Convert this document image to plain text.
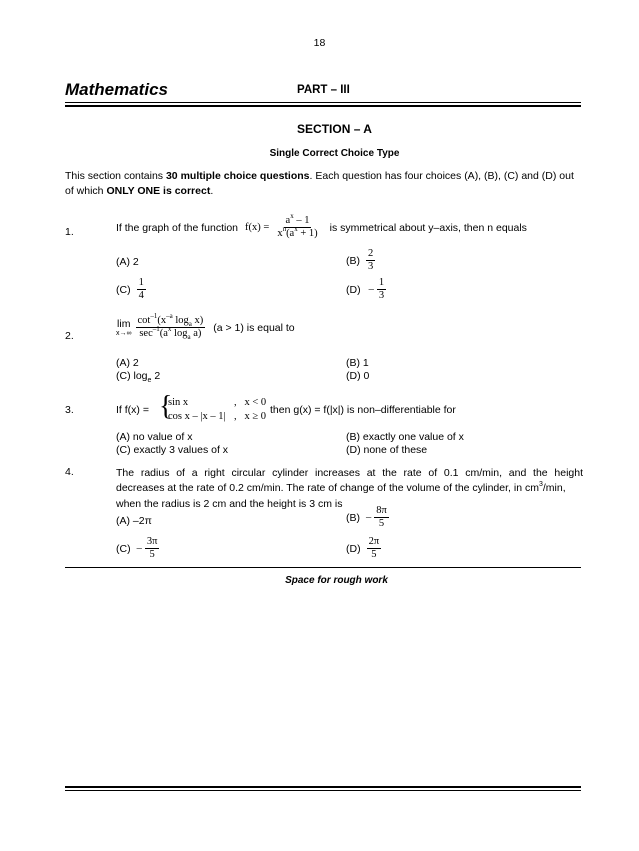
18
Mathematics	PART – III
SECTION – A
Single Correct Choice Type
This section contains 30 multiple choice questions. Each question has four choices (A), (B), (C) and (D) out of which ONLY ONE is correct.
1.	If the graph of the function $f(x) = \frac{a^x - 1}{x^n(a^x + 1)}$ is symmetrical about y–axis, then n equals
(A) 2	$(B) \frac{2}{3}$
$(C) \frac{1}{4}$	$(D) - \frac{1}{3}$
2.
lim
$x\to\infty \frac{\cot^{-1}(x^{-a} \log_a x)}{\sec^{-1}(a^x \log_a a)} (a > 1)$ is equal to
(A) 2	(B) 1
(C) $\log_e 2$	(D) 0
3.	If f(x) = {
sin x	,   x < 0
cos x – |x – 1| ,   x ≥ 0
then g(x) = f(|x|) is non–differentiable for
(A) no value of x	(B) exactly one value of x
(C) exactly 3 values of x	(D) none of these
4.	The radius of a right circular cylinder increases at the rate of 0.1 cm/min, and the height
decreases at the rate of 0.2 cm/min. The rate of change of the volume of the cylinder, in $cm^3/\min$,
when the radius is 2 cm and the height is 3 cm is
(A) –2π	$(B) - \frac{8\pi}{5}$
$(C) - \frac{3\pi}{5}$	$(D) \frac{2\pi}{5}$
Space for rough work
